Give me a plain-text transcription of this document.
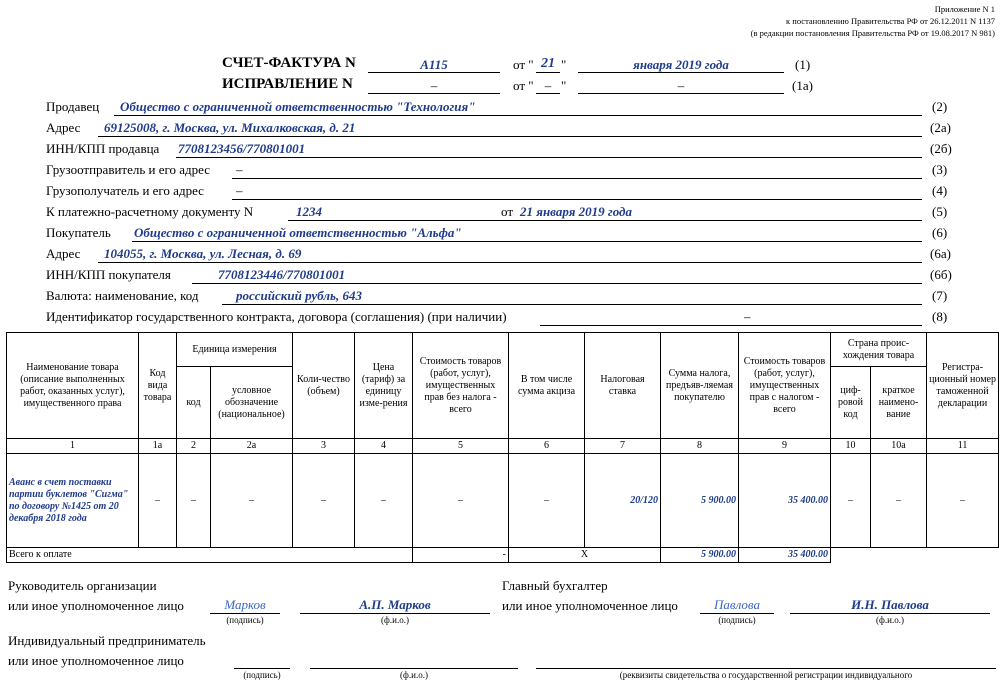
Приложение N 1
к постановлению Правительства РФ от 26.12.2011 N 1137
(в редакции постановления Правительства РФ от 19.08.2017 N 981)
СЧЕТ-ФАКТУРА N	А115	от " 21 "	января 2019 года	(1)
ИСПРАВЛЕНИЕ N	–	от " – "	–	(1а)
Продавец Общество с ограниченной ответственностью "Технология"	(2)
Адрес 69125008, г. Москва, ул. Михалковская, д. 21	(2а)
ИНН/КПП продавца 7708123456/770801001	(2б)
Грузоотправитель и его адрес –	(3)
Грузополучатель и его адрес –	(4)
К платежно-расчетному документу N	1234	от 21 января 2019 года	(5)
Покупатель Общество с ограниченной ответственностью "Альфа"	(6)
Адрес 104055, г. Москва, ул. Лесная, д. 69	(6а)
ИНН/КПП покупателя	7708123446/770801001	(6б)
Валюта: наименование, код	российский рубль, 643	(7)
Идентификатор государственного контракта, договора (соглашения) (при наличии)	–	(8)
Наименование товара (описание выполненных работ, оказанных услуг), имущественного права	Код вида товара	Единица измерения		Коли-чество (объем)	Цена (тариф) за единицу изме-рения	Стоимость товаров (работ, услуг), имущественных прав без налога - всего	В том числе сумма акциза	Налоговая ставка	Сумма налога, предъяв-ляемая покупателю	Стоимость товаров (работ, услуг), имущественных прав с налогом - всего	Страна проис-хождения товара		Регистра-ционный номер таможенной декларации
		код	условное обозначение (национальное)								циф-ровой код	краткое наимено-вание	
1	1а	2	2а	3	4	5	6	7	8	9	10	10а	11
Аванс в счет поставки партии буклетов "Сигма" по договору №1425 от 20 декабря 2018 года	–	–	–	–	–	–	–	20/120	5 900.00	35 400.00	–	–	–
Всего к оплате						-	X		5 900.00	35 400.00			
Руководитель организации
или иное уполномоченное лицо	Марков
(подпись)
А.П. Марков
(ф.и.о.)
Главный бухгалтер
или иное уполномоченное лицо	Павлова
(подпись)
И.Н. Павлова
(ф.и.о.)
Индивидуальный предприниматель
или иное уполномоченное лицо
(подпись)	(ф.и.о.)	(реквизиты свидетельства о государственной регистрации индивидуального
